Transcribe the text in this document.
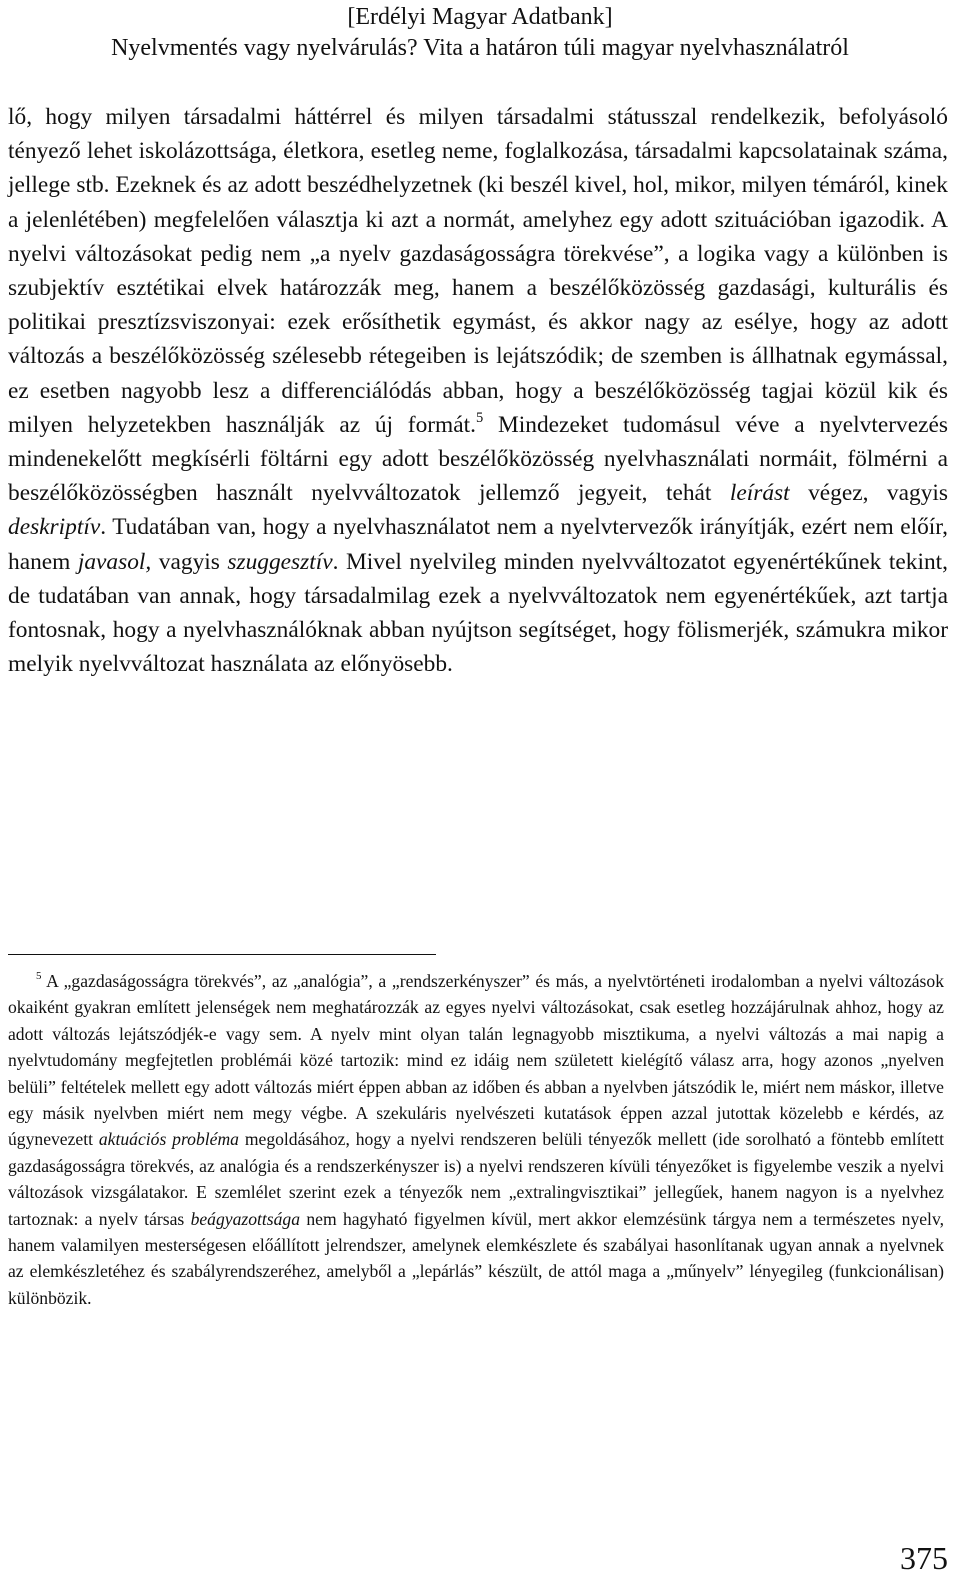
[Erdélyi Magyar Adatbank]
Nyelvmentés vagy nyelvárulás? Vita a határon túli magyar nyelvhasználatról

lő, hogy milyen társadalmi háttérrel és milyen társadalmi státusszal rendelkezik, befolyásoló tényező lehet iskolázottsága, életkora, esetleg neme, foglalkozása, társadalmi kapcsolatainak száma, jellege stb. Ezeknek és az adott beszédhelyzetnek (ki beszél kivel, hol, mikor, milyen témáról, kinek a jelenlétében) megfelelően választja ki azt a normát, amelyhez egy adott szituációban igazodik. A nyelvi változásokat pedig nem „a nyelv gazdaságosságra törekvése”, a logika vagy a különben is szubjektív esztétikai elvek határozzák meg, hanem a beszélőközösség gazdasági, kulturális és politikai presztízsviszonyai: ezek erősíthetik egymást, és akkor nagy az esélye, hogy az adott változás a beszélőközösség szélesebb rétegeiben is lejátszódik; de szemben is állhatnak egymással, ez esetben nagyobb lesz a differenciálódás abban, hogy a beszélőközösség tagjai közül kik és milyen helyzetekben használják az új formát.$^5$ Mindezeket tudomásul véve a nyelvtervezés mindenekelőtt megkísérli föltárni egy adott beszélőközösség nyelvhasználati normáit, fölmérni a beszélőközösségben használt nyelvváltozatok jellemző jegyeit, tehát leírást végez, vagyis deskriptív. Tudatában van, hogy a nyelvhasználatot nem a nyelvtervezők irányítják, ezért nem előír, hanem javasol, vagyis szuggesztív. Mivel nyelvileg minden nyelvváltozatot egyenértékűnek tekint, de tudatában van annak, hogy társadalmilag ezek a nyelvváltozatok nem egyenértékűek, azt tartja fontosnak, hogy a nyelvhasználóknak abban nyújtson segítséget, hogy fölismerjék, számukra mikor melyik nyelvváltozat használata az előnyösebb.

$^5$ A „gazdaságosságra törekvés”, az „analógia”, a „rendszerkényszer” és más, a nyelvtörténeti irodalomban a nyelvi változások okaiként gyakran említett jelenségek nem meghatározzák az egyes nyelvi változásokat, csak esetleg hozzájárulnak ahhoz, hogy az adott változás lejátszódjék-e vagy sem. A nyelv mint olyan talán legnagyobb misztikuma, a nyelvi változás a mai napig a nyelvtudomány megfejtetlen problémái közé tartozik: mind ez idáig nem született kielégítő válasz arra, hogy azonos „nyelven belüli” feltételek mellett egy adott változás miért éppen abban az időben és abban a nyelvben játszódik le, miért nem máskor, illetve egy másik nyelvben miért nem megy végbe. A szekuláris nyelvészeti kutatások éppen azzal jutottak közelebb e kérdés, az úgynevezett aktuációs probléma megoldásához, hogy a nyelvi rendszeren belüli tényezők mellett (ide sorolható a föntebb említett gazdaságosságra törekvés, az analógia és a rendszerkényszer is) a nyelvi rendszeren kívüli tényezőket is figyelembe veszik a nyelvi változások vizsgálatakor. E szemlélet szerint ezek a tényezők nem „extralingvisztikai” jellegűek, hanem nagyon is a nyelvhez tartoznak: a nyelv társas beágyazottsága nem hagyható figyelmen kívül, mert akkor elemzésünk tárgya nem a természetes nyelv, hanem valamilyen mesterségesen előállított jelrendszer, amelynek elemkészlete és szabályai hasonlítanak ugyan annak a nyelvnek az elemkészletéhez és szabályrendszeréhez, amelyből a „lepárlás” készült, de attól maga a „műnyelv” lényegileg (funkcionálisan) különbözik.

375
